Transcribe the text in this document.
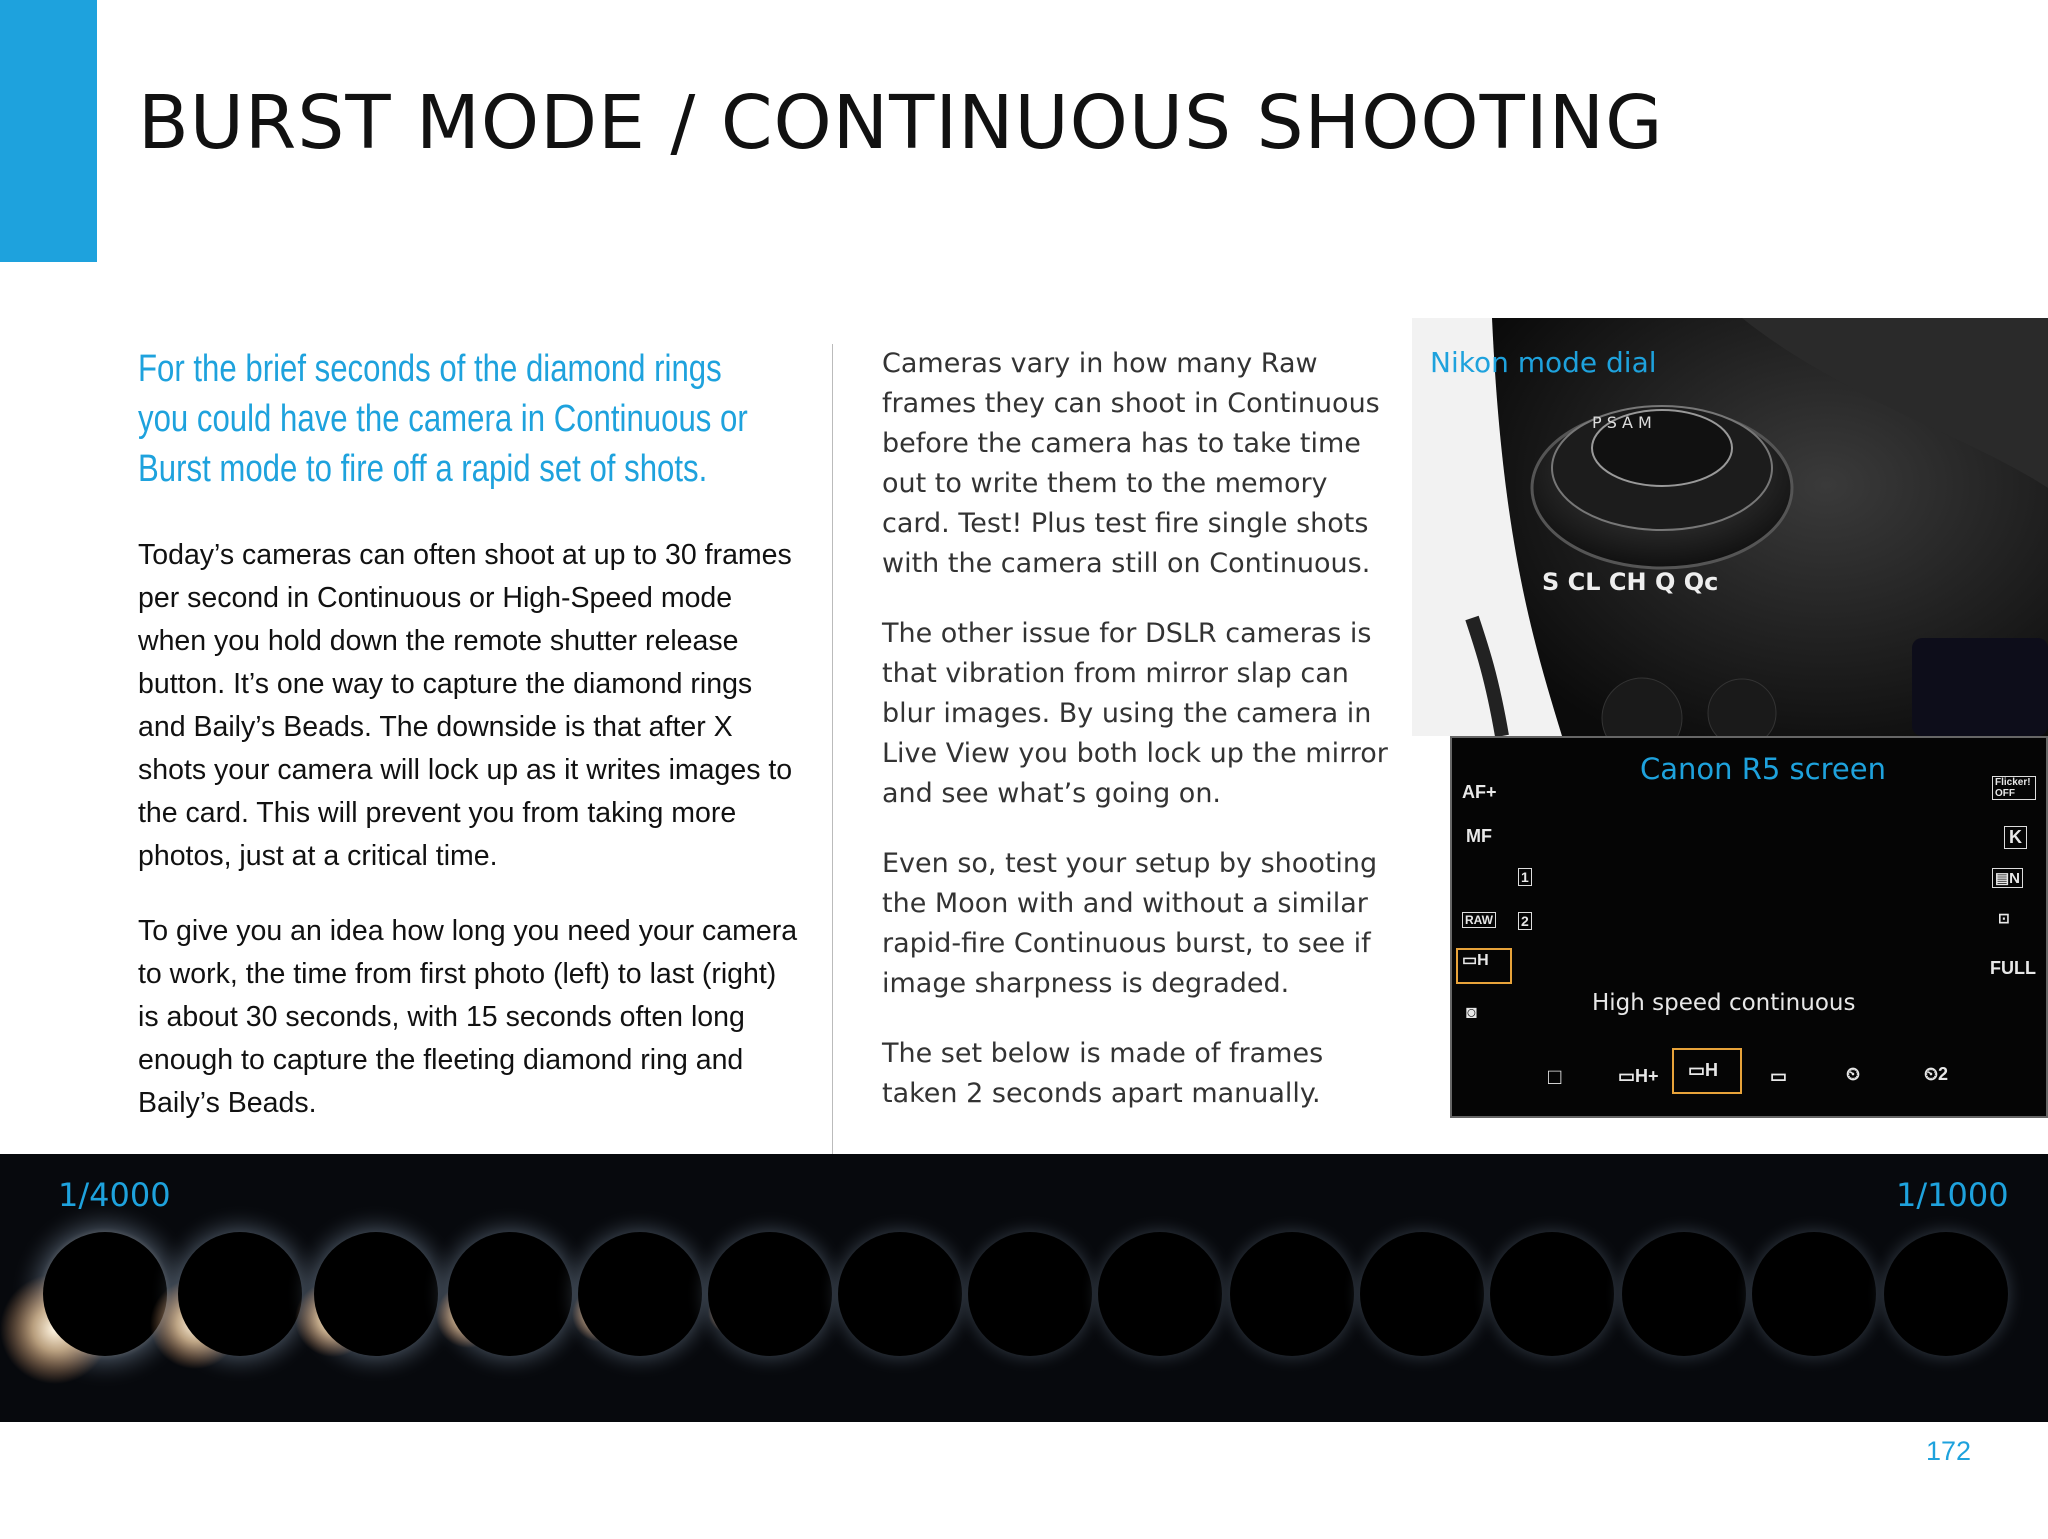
BURST MODE / CONTINUOUS SHOOTING

For the brief seconds of the diamond rings you could have the camera in Continuous or Burst mode to fire off a rapid set of shots.

Today’s cameras can often shoot at up to 30 frames per second in Continuous or High-Speed mode when you hold down the remote shutter release button. It’s one way to capture the diamond rings and Baily’s Beads. The downside is that after X shots your camera will lock up as it writes images to the card. This will prevent you from taking more photos, just at a critical time.

To give you an idea how long you need your camera to work, the time from first photo (left) to last (right) is about 30 seconds, with 15 seconds often long enough to capture the fleeting diamond ring and Baily’s Beads.

Cameras vary in how many Raw frames they can shoot in Continuous before the camera has to take time out to write them to the memory card. Test! Plus test fire single shots with the camera still on Continuous.

The other issue for DSLR cameras is that vibration from mirror slap can blur images. By using the camera in Live View you both lock up the mirror and see what’s going on.

Even so, test your setup by shooting the Moon with and without a similar rapid-fire Continuous burst, to see if image sharpness is degraded.

The set below is made of frames taken 2 seconds apart manually.

P S A M
S CL CH Q Qc
Nikon mode dial
Canon R5 screen
AF+
MF
1
RAW 2
▭H
◙
Flicker! OFF
K
▤N
⊡
FULL
High speed continuous
□	▭H+	▭H	▭	⏲	⏲2
1/4000	1/1000
172
